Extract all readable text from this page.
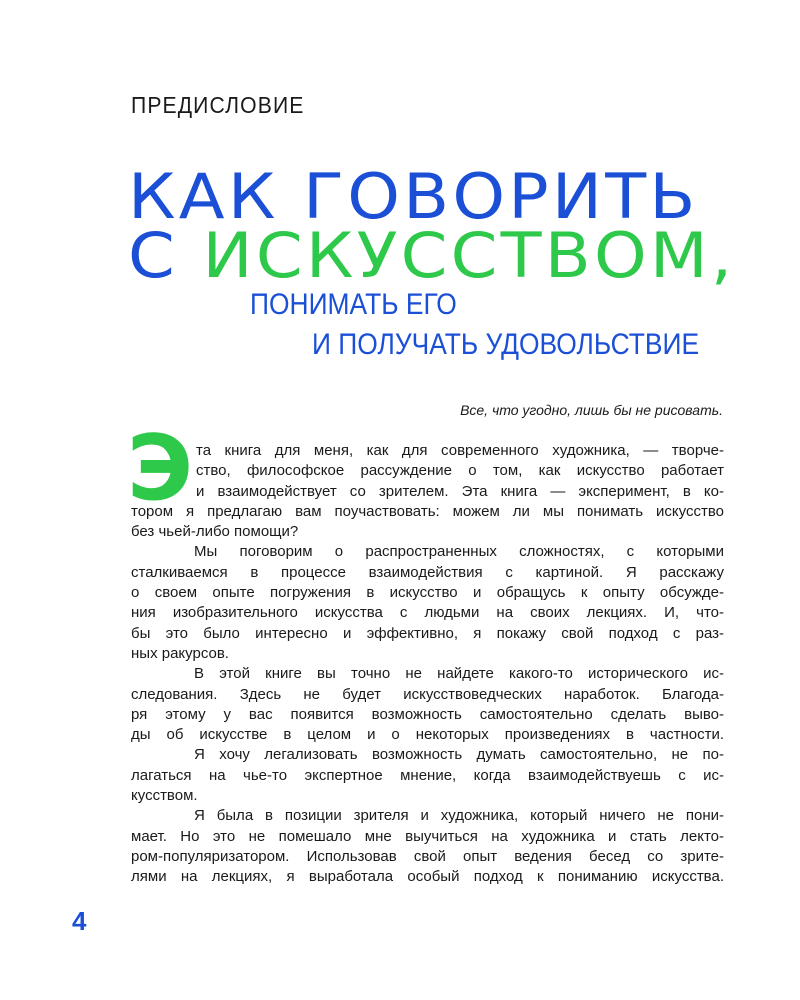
ПРЕДИСЛОВИЕ
КАК ГОВОРИТЬ
С ИСКУССТВОМ,
ПОНИМАТЬ ЕГО
И ПОЛУЧАТЬ УДОВОЛЬСТВИЕ
Все, что угодно, лишь бы не рисовать.
Э та книга для меня, как для современного художника, — творче-
ство, философское рассуждение о том, как искусство работает
и взаимодействует со зрителем. Эта книга — эксперимент, в ко-
тором я предлагаю вам поучаствовать: можем ли мы понимать искусство
без чьей-либо помощи?
Мы поговорим о распространенных сложностях, с которыми
сталкиваемся в процессе взаимодействия с картиной. Я расскажу
о своем опыте погружения в искусство и обращусь к опыту обсужде-
ния изобразительного искусства с людьми на своих лекциях. И, что-
бы это было интересно и эффективно, я покажу свой подход с раз-
ных ракурсов.
В этой книге вы точно не найдете какого-то исторического ис-
следования. Здесь не будет искусствоведческих наработок. Благода-
ря этому у вас появится возможность самостоятельно сделать выво-
ды об искусстве в целом и о некоторых произведениях в частности.
Я хочу легализовать возможность думать самостоятельно, не по-
лагаться на чье-то экспертное мнение, когда взаимодействуешь с ис-
кусством.
Я была в позиции зрителя и художника, который ничего не пони-
мает. Но это не помешало мне выучиться на художника и стать лекто-
ром-популяризатором. Использовав свой опыт ведения бесед со зрите-
лями на лекциях, я выработала особый подход к пониманию искусства.
4
